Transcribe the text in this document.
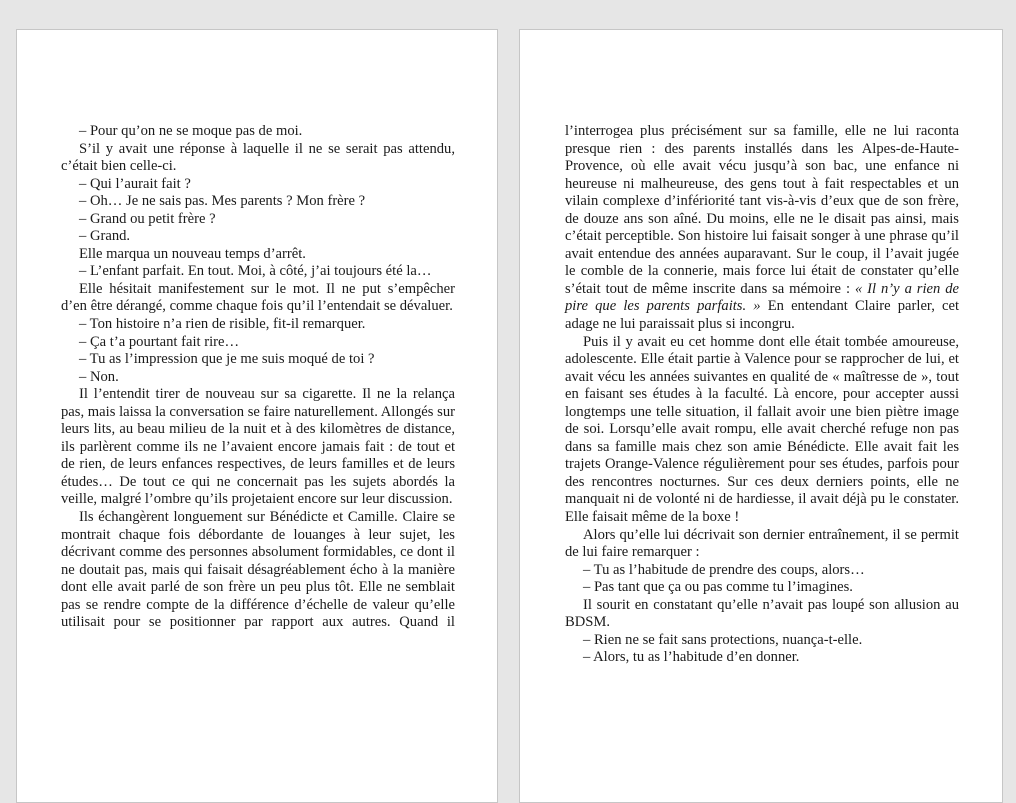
– Pour qu’on ne se moque pas de moi.

S’il y avait une réponse à laquelle il ne se serait pas attendu, c’était bien celle-ci.

– Qui l’aurait fait ?

– Oh… Je ne sais pas. Mes parents ? Mon frère ?

– Grand ou petit frère ?

– Grand.

Elle marqua un nouveau temps d’arrêt.

– L’enfant parfait. En tout. Moi, à côté, j’ai toujours été la…

Elle hésitait manifestement sur le mot. Il ne put s’empêcher d’en être dérangé, comme chaque fois qu’il l’entendait se dévaluer.

– Ton histoire n’a rien de risible, fit-il remarquer.

– Ça t’a pourtant fait rire…

– Tu as l’impression que je me suis moqué de toi ?

– Non.

Il l’entendit tirer de nouveau sur sa cigarette. Il ne la relança pas, mais laissa la conversation se faire naturellement. Allongés sur leurs lits, au beau milieu de la nuit et à des kilomètres de distance, ils parlèrent comme ils ne l’avaient encore jamais fait : de tout et de rien, de leurs enfances respectives, de leurs familles et de leurs études… De tout ce qui ne concernait pas les sujets abordés la veille, malgré l’ombre qu’ils projetaient encore sur leur discussion.

Ils échangèrent longuement sur Bénédicte et Camille. Claire se montrait chaque fois débordante de louanges à leur sujet, les décrivant comme des personnes absolument formidables, ce dont il ne doutait pas, mais qui faisait désagréablement écho à la manière dont elle avait parlé de son frère un peu plus tôt. Elle ne semblait pas se rendre compte de la différence d’échelle de valeur qu’elle utilisait pour se positionner par rapport aux autres. Quand il

l’interrogea plus précisément sur sa famille, elle ne lui raconta presque rien : des parents installés dans les Alpes-de-Haute-Provence, où elle avait vécu jusqu’à son bac, une enfance ni heureuse ni malheureuse, des gens tout à fait respectables et un vilain complexe d’infériorité tant vis-à-vis d’eux que de son frère, de douze ans son aîné. Du moins, elle ne le disait pas ainsi, mais c’était perceptible. Son histoire lui faisait songer à une phrase qu’il avait entendue des années auparavant. Sur le coup, il l’avait jugée le comble de la connerie, mais force lui était de constater qu’elle s’était tout de même inscrite dans sa mémoire : « Il n’y a rien de pire que les parents parfaits. » En entendant Claire parler, cet adage ne lui paraissait plus si incongru.

Puis il y avait eu cet homme dont elle était tombée amoureuse, adolescente. Elle était partie à Valence pour se rapprocher de lui, et avait vécu les années suivantes en qualité de « maîtresse de », tout en faisant ses études à la faculté. Là encore, pour accepter aussi longtemps une telle situation, il fallait avoir une bien piètre image de soi. Lorsqu’elle avait rompu, elle avait cherché refuge non pas dans sa famille mais chez son amie Bénédicte. Elle avait fait les trajets Orange-Valence régulièrement pour ses études, parfois pour des rencontres nocturnes. Sur ces deux derniers points, elle ne manquait ni de volonté ni de hardiesse, il avait déjà pu le constater. Elle faisait même de la boxe !

Alors qu’elle lui décrivait son dernier entraînement, il se permit de lui faire remarquer :

– Tu as l’habitude de prendre des coups, alors…

– Pas tant que ça ou pas comme tu l’imagines.

Il sourit en constatant qu’elle n’avait pas loupé son allusion au BDSM.

– Rien ne se fait sans protections, nuança-t-elle.

– Alors, tu as l’habitude d’en donner.
